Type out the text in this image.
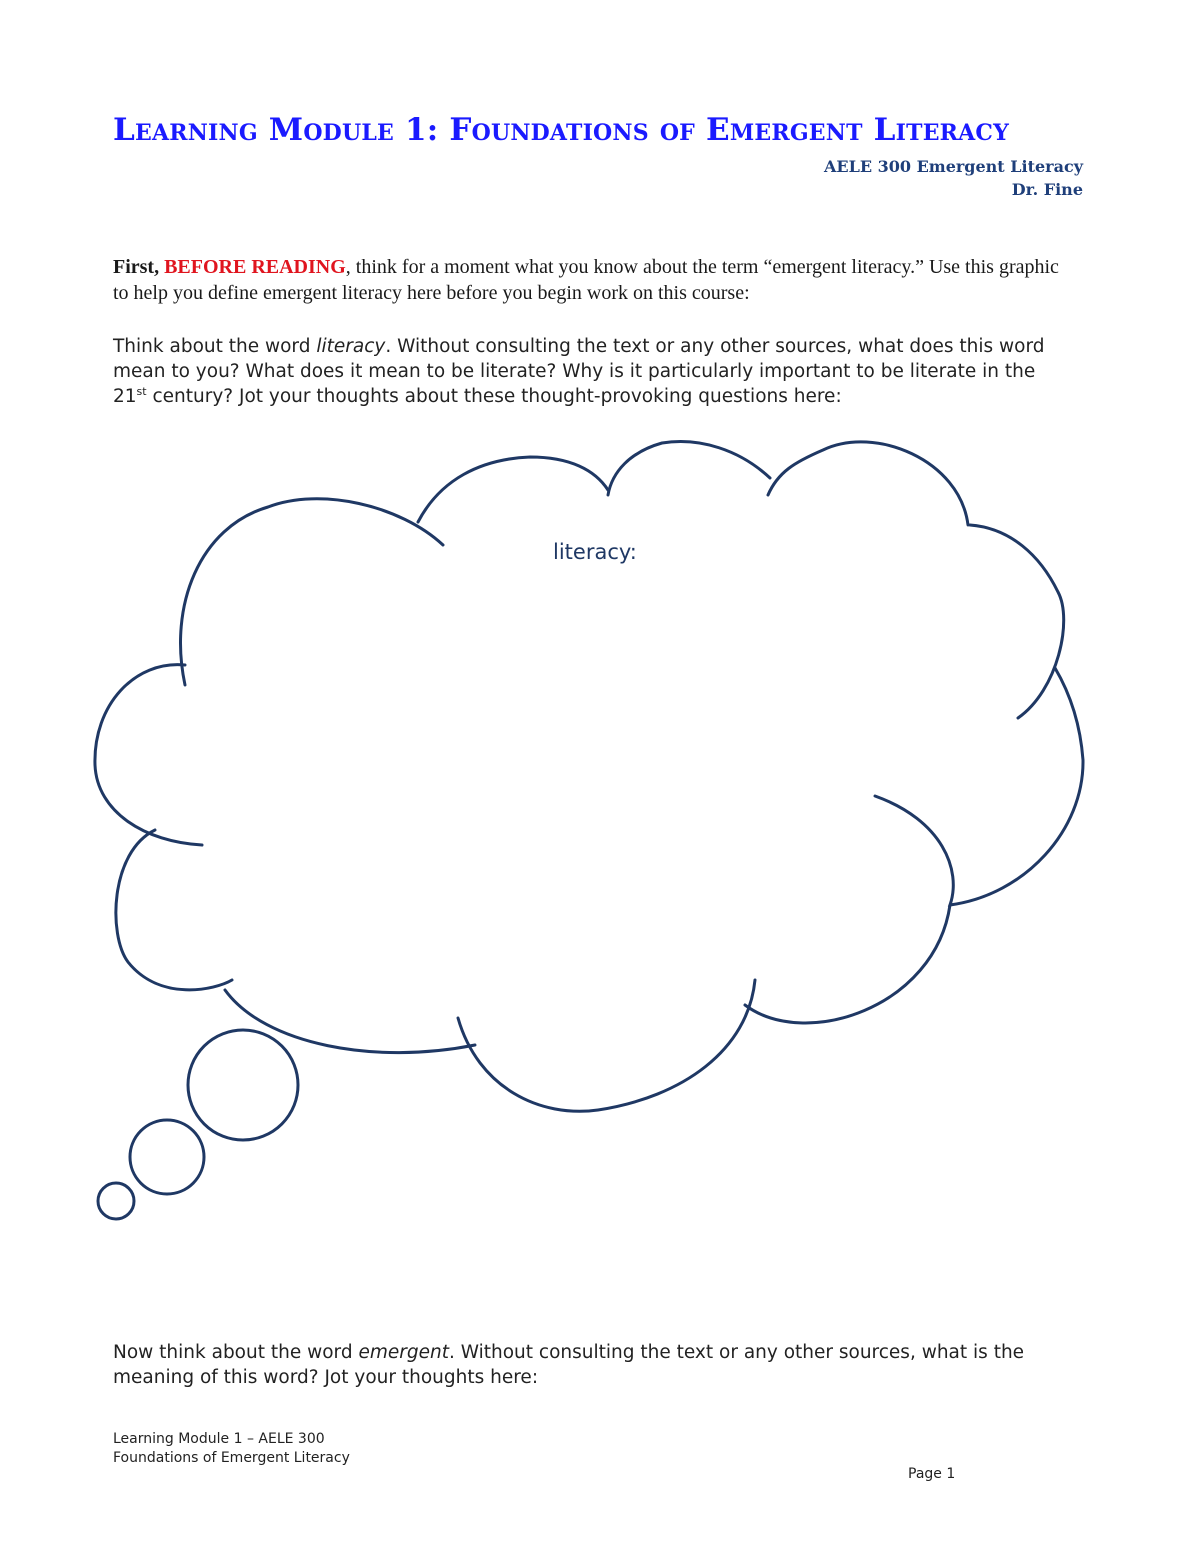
Learning Module 1: Foundations of Emergent Literacy
AELE 300 Emergent Literacy
Dr. Fine

First, BEFORE READING, think for a moment what you know about the term “emergent literacy.” Use this graphic to help you define emergent literacy here before you begin work on this course:

Think about the word literacy. Without consulting the text or any other sources, what does this word mean to you? What does it mean to be literate? Why is it particularly important to be literate in the 21st century? Jot your thoughts about these thought-provoking questions here:

literacy:

Now think about the word emergent. Without consulting the text or any other sources, what is the meaning of this word? Jot your thoughts here:

Learning Module 1 – AELE 300
Foundations of Emergent Literacy
Page 1
